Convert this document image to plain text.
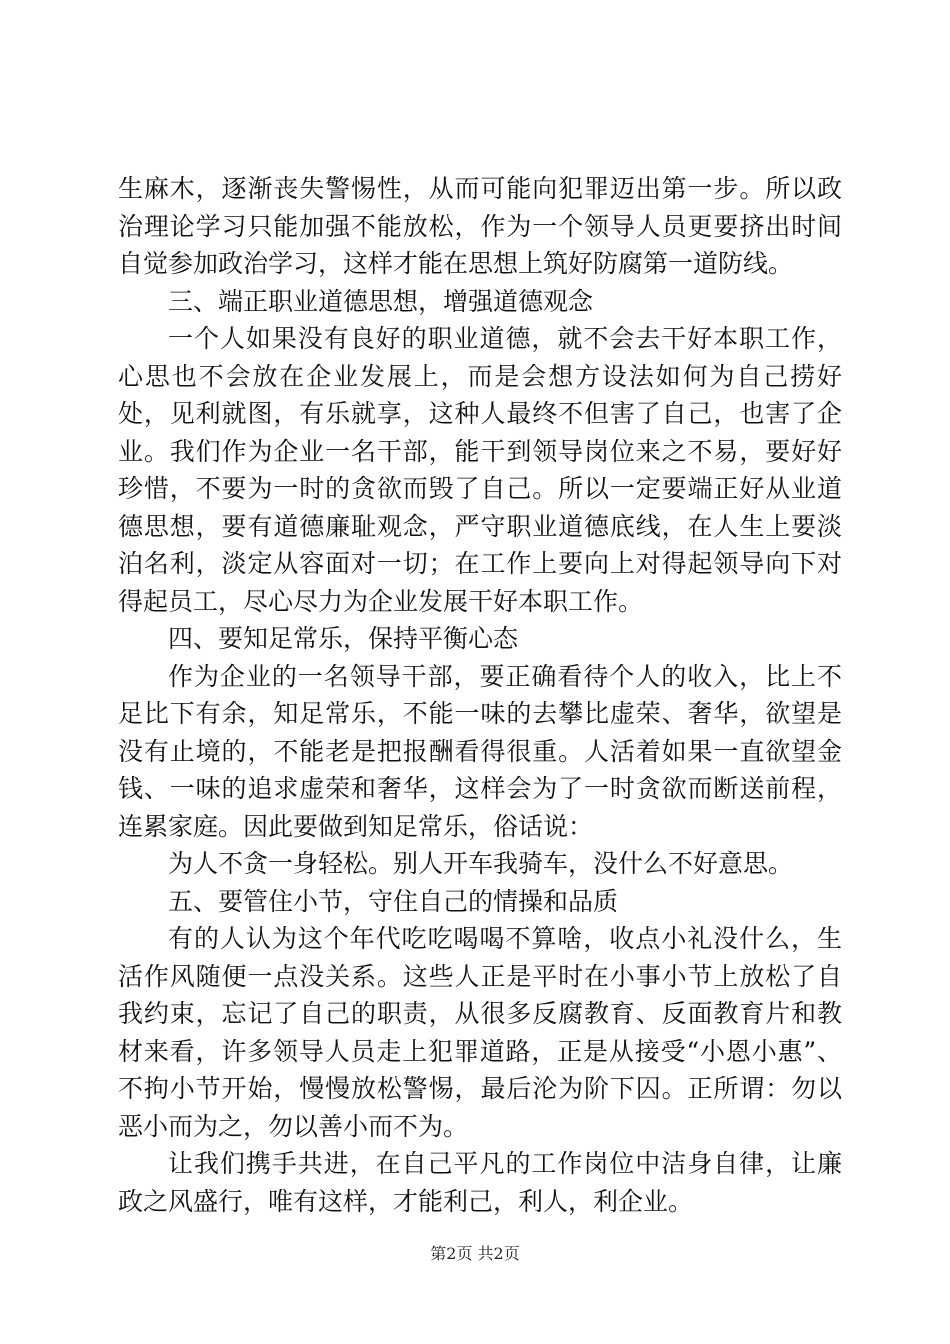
生麻木，逐渐丧失警惕性，从而可能向犯罪迈出第一步。所以政治理论学习只能加强不能放松，作为一个领导人员更要挤出时间自觉参加政治学习，这样才能在思想上筑好防腐第一道防线。

三、端正职业道德思想，增强道德观念

一个人如果没有良好的职业道德，就不会去干好本职工作，心思也不会放在企业发展上，而是会想方设法如何为自己捞好处，见利就图，有乐就享，这种人最终不但害了自己，也害了企业。我们作为企业一名干部，能干到领导岗位来之不易，要好好珍惜，不要为一时的贪欲而毁了自己。所以一定要端正好从业道德思想，要有道德廉耻观念，严守职业道德底线，在人生上要淡泊名利，淡定从容面对一切；在工作上要向上对得起领导向下对得起员工，尽心尽力为企业发展干好本职工作。

四、要知足常乐，保持平衡心态

作为企业的一名领导干部，要正确看待个人的收入，比上不足比下有余，知足常乐，不能一味的去攀比虚荣、奢华，欲望是没有止境的，不能老是把报酬看得很重。人活着如果一直欲望金钱、一味的追求虚荣和奢华，这样会为了一时贪欲而断送前程，连累家庭。因此要做到知足常乐，俗话说：

为人不贪一身轻松。别人开车我骑车，没什么不好意思。

五、要管住小节，守住自己的情操和品质

有的人认为这个年代吃吃喝喝不算啥，收点小礼没什么，生活作风随便一点没关系。这些人正是平时在小事小节上放松了自我约束，忘记了自己的职责，从很多反腐教育、反面教育片和教材来看，许多领导人员走上犯罪道路，正是从接受“小恩小惠”、不拘小节开始，慢慢放松警惕，最后沦为阶下囚。正所谓：勿以恶小而为之，勿以善小而不为。

让我们携手共进，在自己平凡的工作岗位中洁身自律，让廉政之风盛行，唯有这样，才能利己，利人，利企业。

第2页 共2页
